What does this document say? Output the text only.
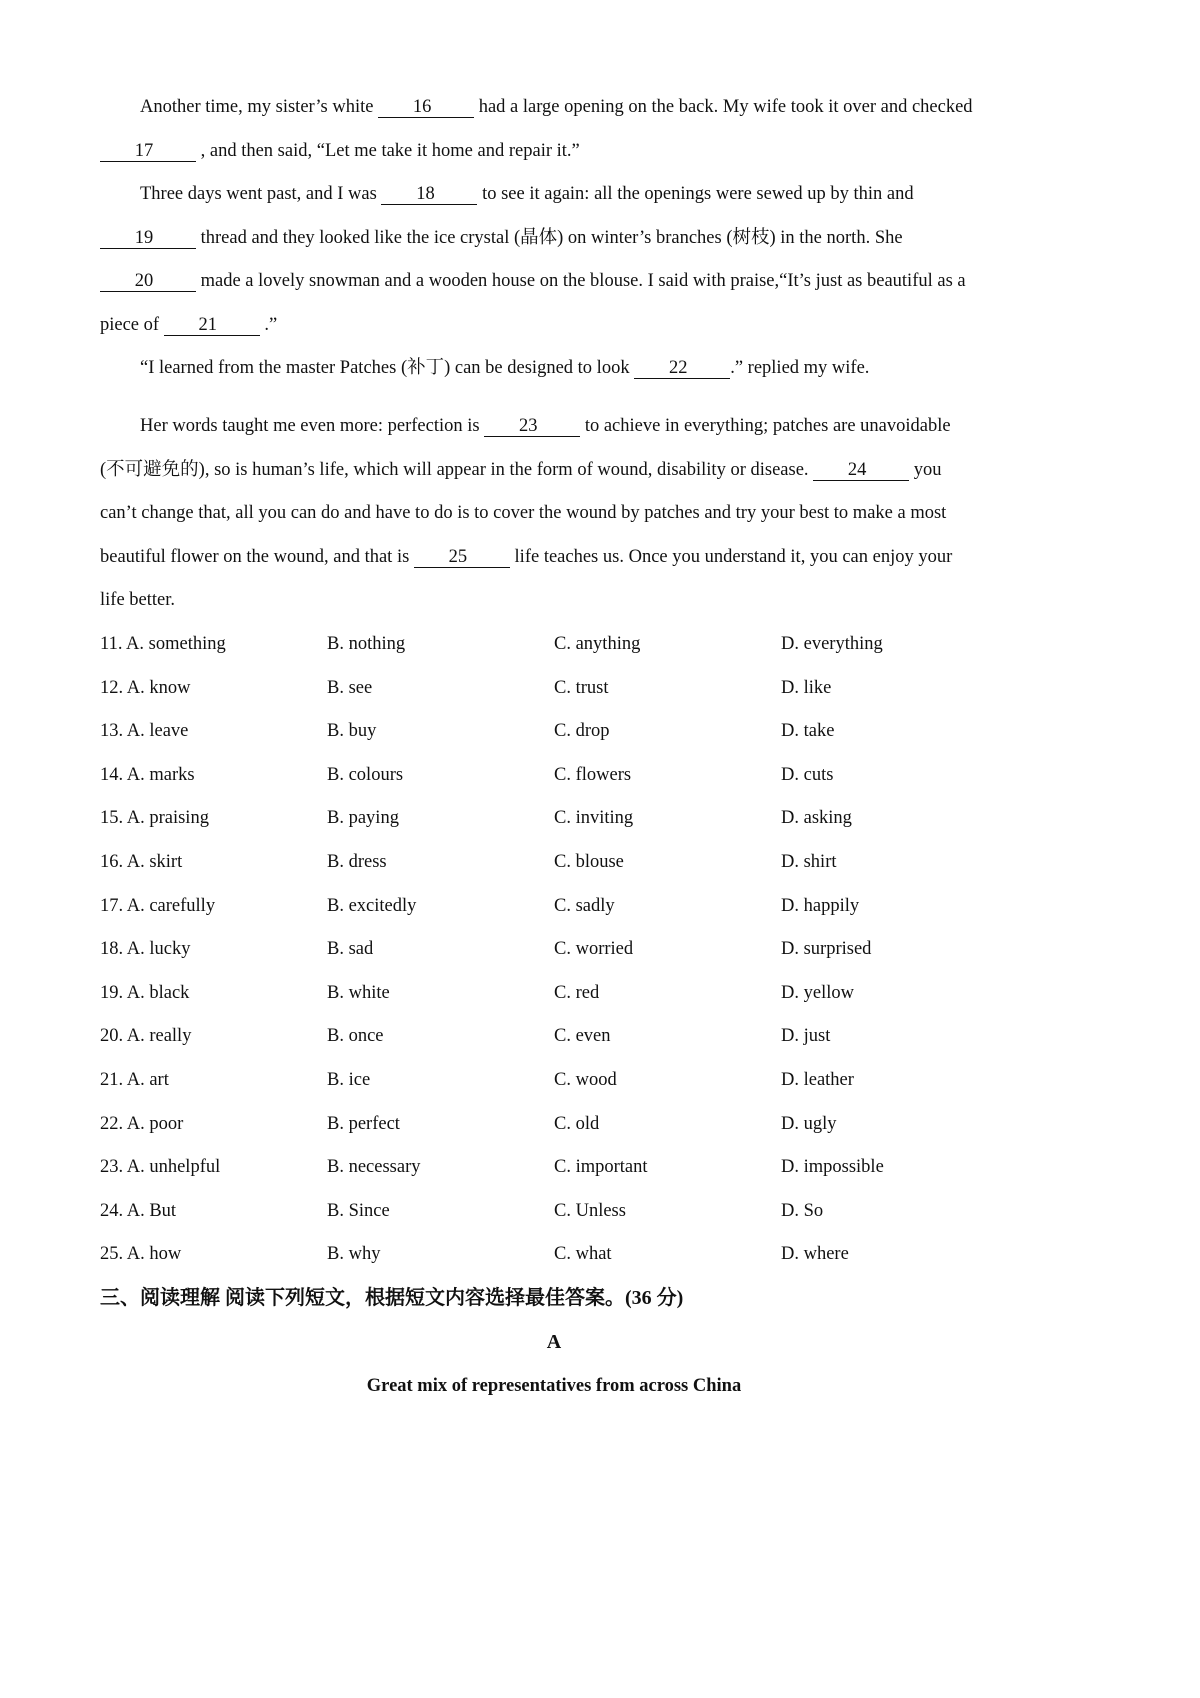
Another time, my sister’s white 16 had a large opening on the back. My wife took it over and checked
17 , and then said, “Let me take it home and repair it.”
Three days went past, and I was 18 to see it again: all the openings were sewed up by thin and
19 thread and they looked like the ice crystal (晶体) on winter’s branches (树枝) in the north. She
20 made a lovely snowman and a wooden house on the blouse. I said with praise,“It’s just as beautiful as a
piece of 21 .”
“I learned from the master Patches (补丁) can be designed to look 22 .” replied my wife.
Her words taught me even more: perfection is 23 to achieve in everything; patches are unavoidable
(不可避免的), so is human’s life, which will appear in the form of wound, disability or disease. 24 you
can’t change that, all you can do and have to do is to cover the wound by patches and try your best to make a most
beautiful flower on the wound, and that is 25 life teaches us. Once you understand it, you can enjoy your
life better.
11. A. something	B. nothing	C. anything	D. everything
12. A. know	B. see	C. trust	D. like
13. A. leave	B. buy	C. drop	D. take
14. A. marks	B. colours	C. flowers	D. cuts
15. A. praising	B. paying	C. inviting	D. asking
16. A. skirt	B. dress	C. blouse	D. shirt
17. A. carefully	B. excitedly	C. sadly	D. happily
18. A. lucky	B. sad	C. worried	D. surprised
19. A. black	B. white	C. red	D. yellow
20. A. really	B. once	C. even	D. just
21. A. art	B. ice	C. wood	D. leather
22. A. poor	B. perfect	C. old	D. ugly
23. A. unhelpful	B. necessary	C. important	D. impossible
24. A. But	B. Since	C. Unless	D. So
25. A. how	B. why	C. what	D. where
三、阅读理解 阅读下列短文，根据短文内容选择最佳答案。(36 分)
A
Great mix of representatives from across China
